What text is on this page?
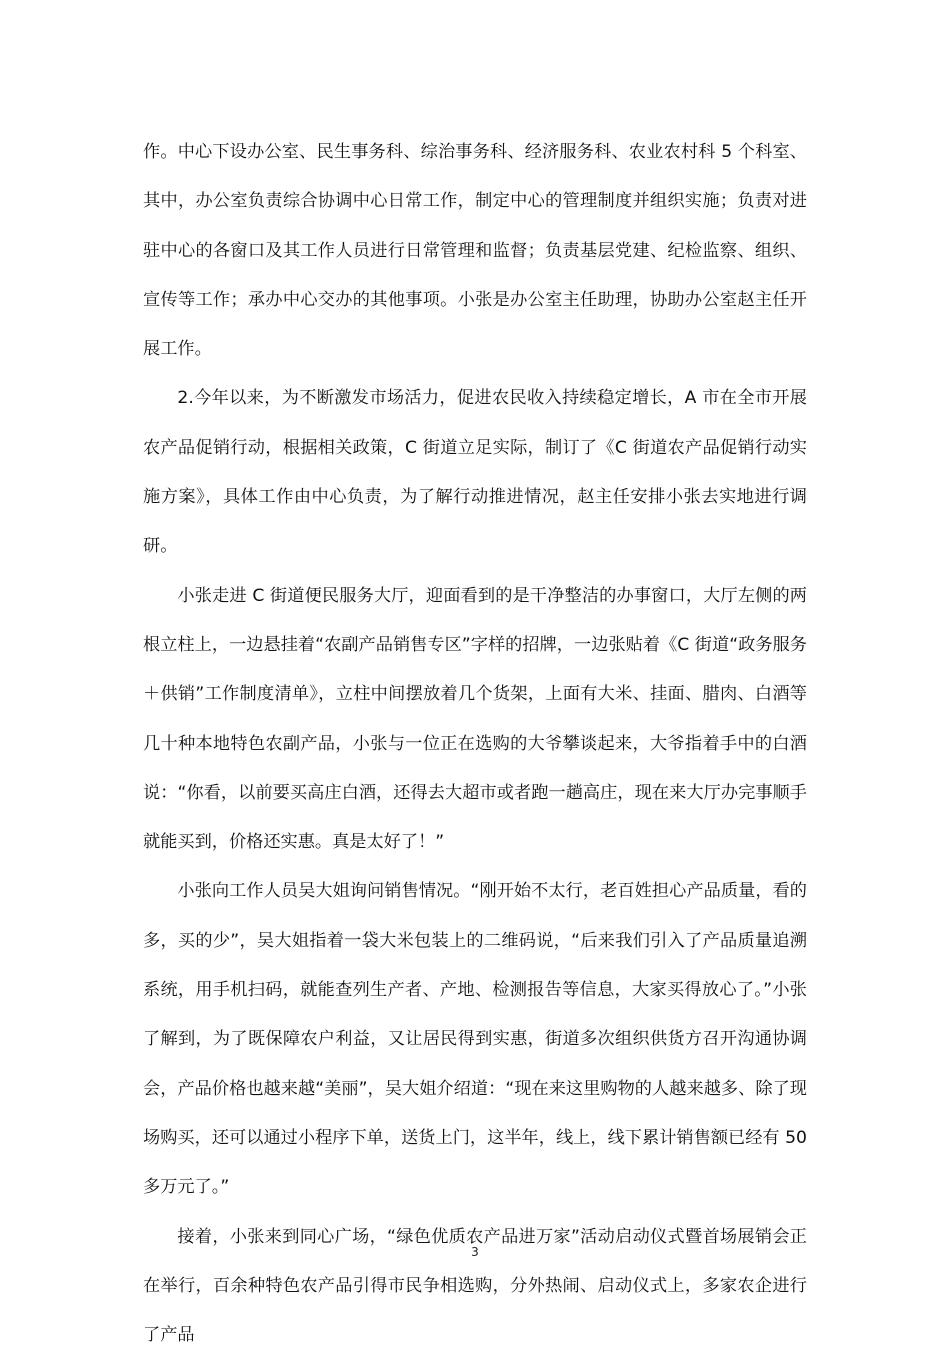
作。中心下设办公室、民生事务科、综治事务科、经济服务科、农业农村科 5 个科室、其中，办公室负责综合协调中心日常工作，制定中心的管理制度并组织实施；负责对进驻中心的各窗口及其工作人员进行日常管理和监督；负责基层党建、纪检监察、组织、宣传等工作；承办中心交办的其他事项。小张是办公室主任助理，协助办公室赵主任开展工作。

2.今年以来，为不断激发市场活力，促进农民收入持续稳定增长，A 市在全市开展农产品促销行动，根据相关政策，C 街道立足实际，制订了《C 街道农产品促销行动实施方案》，具体工作由中心负责，为了解行动推进情况，赵主任安排小张去实地进行调研。

小张走进 C 街道便民服务大厅，迎面看到的是干净整洁的办事窗口，大厅左侧的两根立柱上，一边悬挂着“农副产品销售专区”字样的招牌，一边张贴着《C 街道“政务服务＋供销”工作制度清单》，立柱中间摆放着几个货架，上面有大米、挂面、腊肉、白酒等几十种本地特色农副产品，小张与一位正在选购的大爷攀谈起来，大爷指着手中的白酒说：“你看，以前要买高庄白酒，还得去大超市或者跑一趟高庄，现在来大厅办完事顺手就能买到，价格还实惠。真是太好了！”

小张向工作人员吴大姐询问销售情况。“刚开始不太行，老百姓担心产品质量，看的多，买的少”，吴大姐指着一袋大米包装上的二维码说，“后来我们引入了产品质量追溯系统，用手机扫码，就能查列生产者、产地、检测报告等信息，大家买得放心了。”小张了解到，为了既保障农户利益，又让居民得到实惠，街道多次组织供货方召开沟通协调会，产品价格也越来越“美丽”，吴大姐介绍道：“现在来这里购物的人越来越多、除了现场购买，还可以通过小程序下单，送货上门，这半年，线上，线下累计销售额已经有 50 多万元了。”

接着，小张来到同心广场，“绿色优质农产品进万家”活动启动仪式暨首场展销会正在举行，百余种特色农产品引得市民争相选购，分外热闹、启动仪式上，多家农企进行了产品

3
